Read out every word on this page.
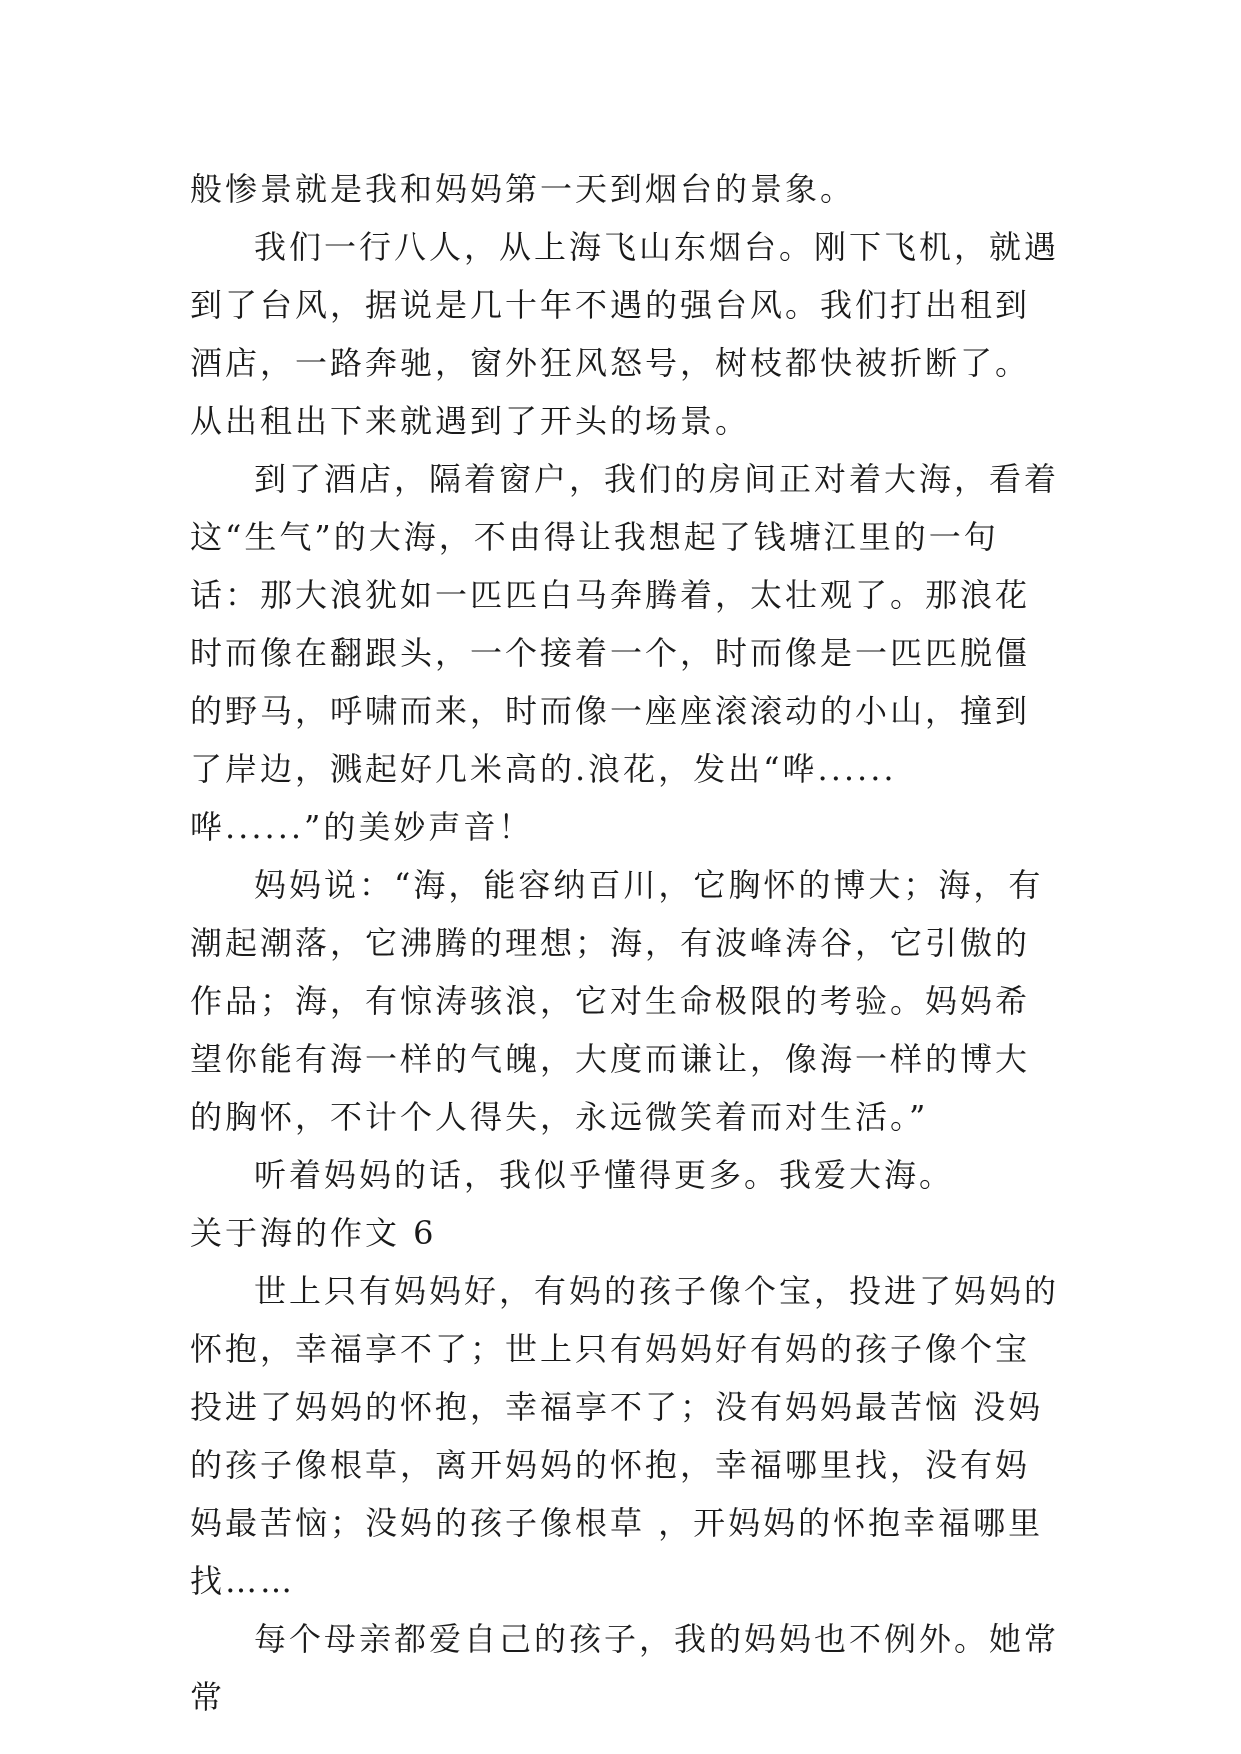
般惨景就是我和妈妈第一天到烟台的景象。

我们一行八人，从上海飞山东烟台。刚下飞机，就遇到了台风，据说是几十年不遇的强台风。我们打出租到酒店，一路奔驰，窗外狂风怒号，树枝都快被折断了。从出租出下来就遇到了开头的场景。

到了酒店，隔着窗户，我们的房间正对着大海，看着这“生气”的大海，不由得让我想起了钱塘江里的一句话：那大浪犹如一匹匹白马奔腾着，太壮观了。那浪花时而像在翻跟头，一个接着一个，时而像是一匹匹脱僵的野马，呼啸而来，时而像一座座滚滚动的小山，撞到了岸边，溅起好几米高的.浪花，发出“哗......哗......”的美妙声音！

妈妈说：“海，能容纳百川，它胸怀的博大；海，有潮起潮落，它沸腾的理想；海，有波峰涛谷，它引傲的作品；海，有惊涛骇浪，它对生命极限的考验。妈妈希望你能有海一样的气魄，大度而谦让，像海一样的博大的胸怀，不计个人得失，永远微笑着而对生活。”

听着妈妈的话，我似乎懂得更多。我爱大海。

关于海的作文 6

世上只有妈妈好，有妈的孩子像个宝，投进了妈妈的怀抱，幸福享不了；世上只有妈妈好有妈的孩子像个宝 投进了妈妈的怀抱，幸福享不了；没有妈妈最苦恼 没妈的孩子像根草，离开妈妈的怀抱，幸福哪里找，没有妈妈最苦恼；没妈的孩子像根草 ，开妈妈的怀抱幸福哪里找……

每个母亲都爱自己的孩子，我的妈妈也不例外。她常常
